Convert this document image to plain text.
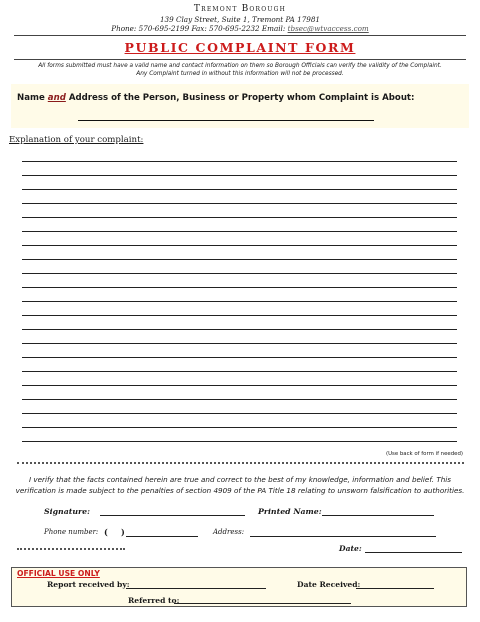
Tremont Borough
139 Clay Street, Suite 1, Tremont PA 17981
Phone: 570-695-2199 Fax: 570-695-2232 Email: tbsec@wtvaccess.com
PUBLIC COMPLAINT FORM
All forms submitted must have a valid name and contact information on them so Borough Officials can verify the validity of the Complaint.
Any Complaint turned in without this information will not be processed.
Name and Address of the Person, Business or Property whom Complaint is About:
Explanation of your complaint:
(Use back of form if needed)
I verify that the facts contained herein are true and correct to the best of my knowledge, information and belief. This
verification is made subject to the penalties of section 4909 of the PA Title 18 relating to unsworn falsification to authorities.
Signature:	Printed Name:
Phone number: ( )	Address:
Date:
OFFICIAL USE ONLY
Report received by:	Date Received:
Referred to:
